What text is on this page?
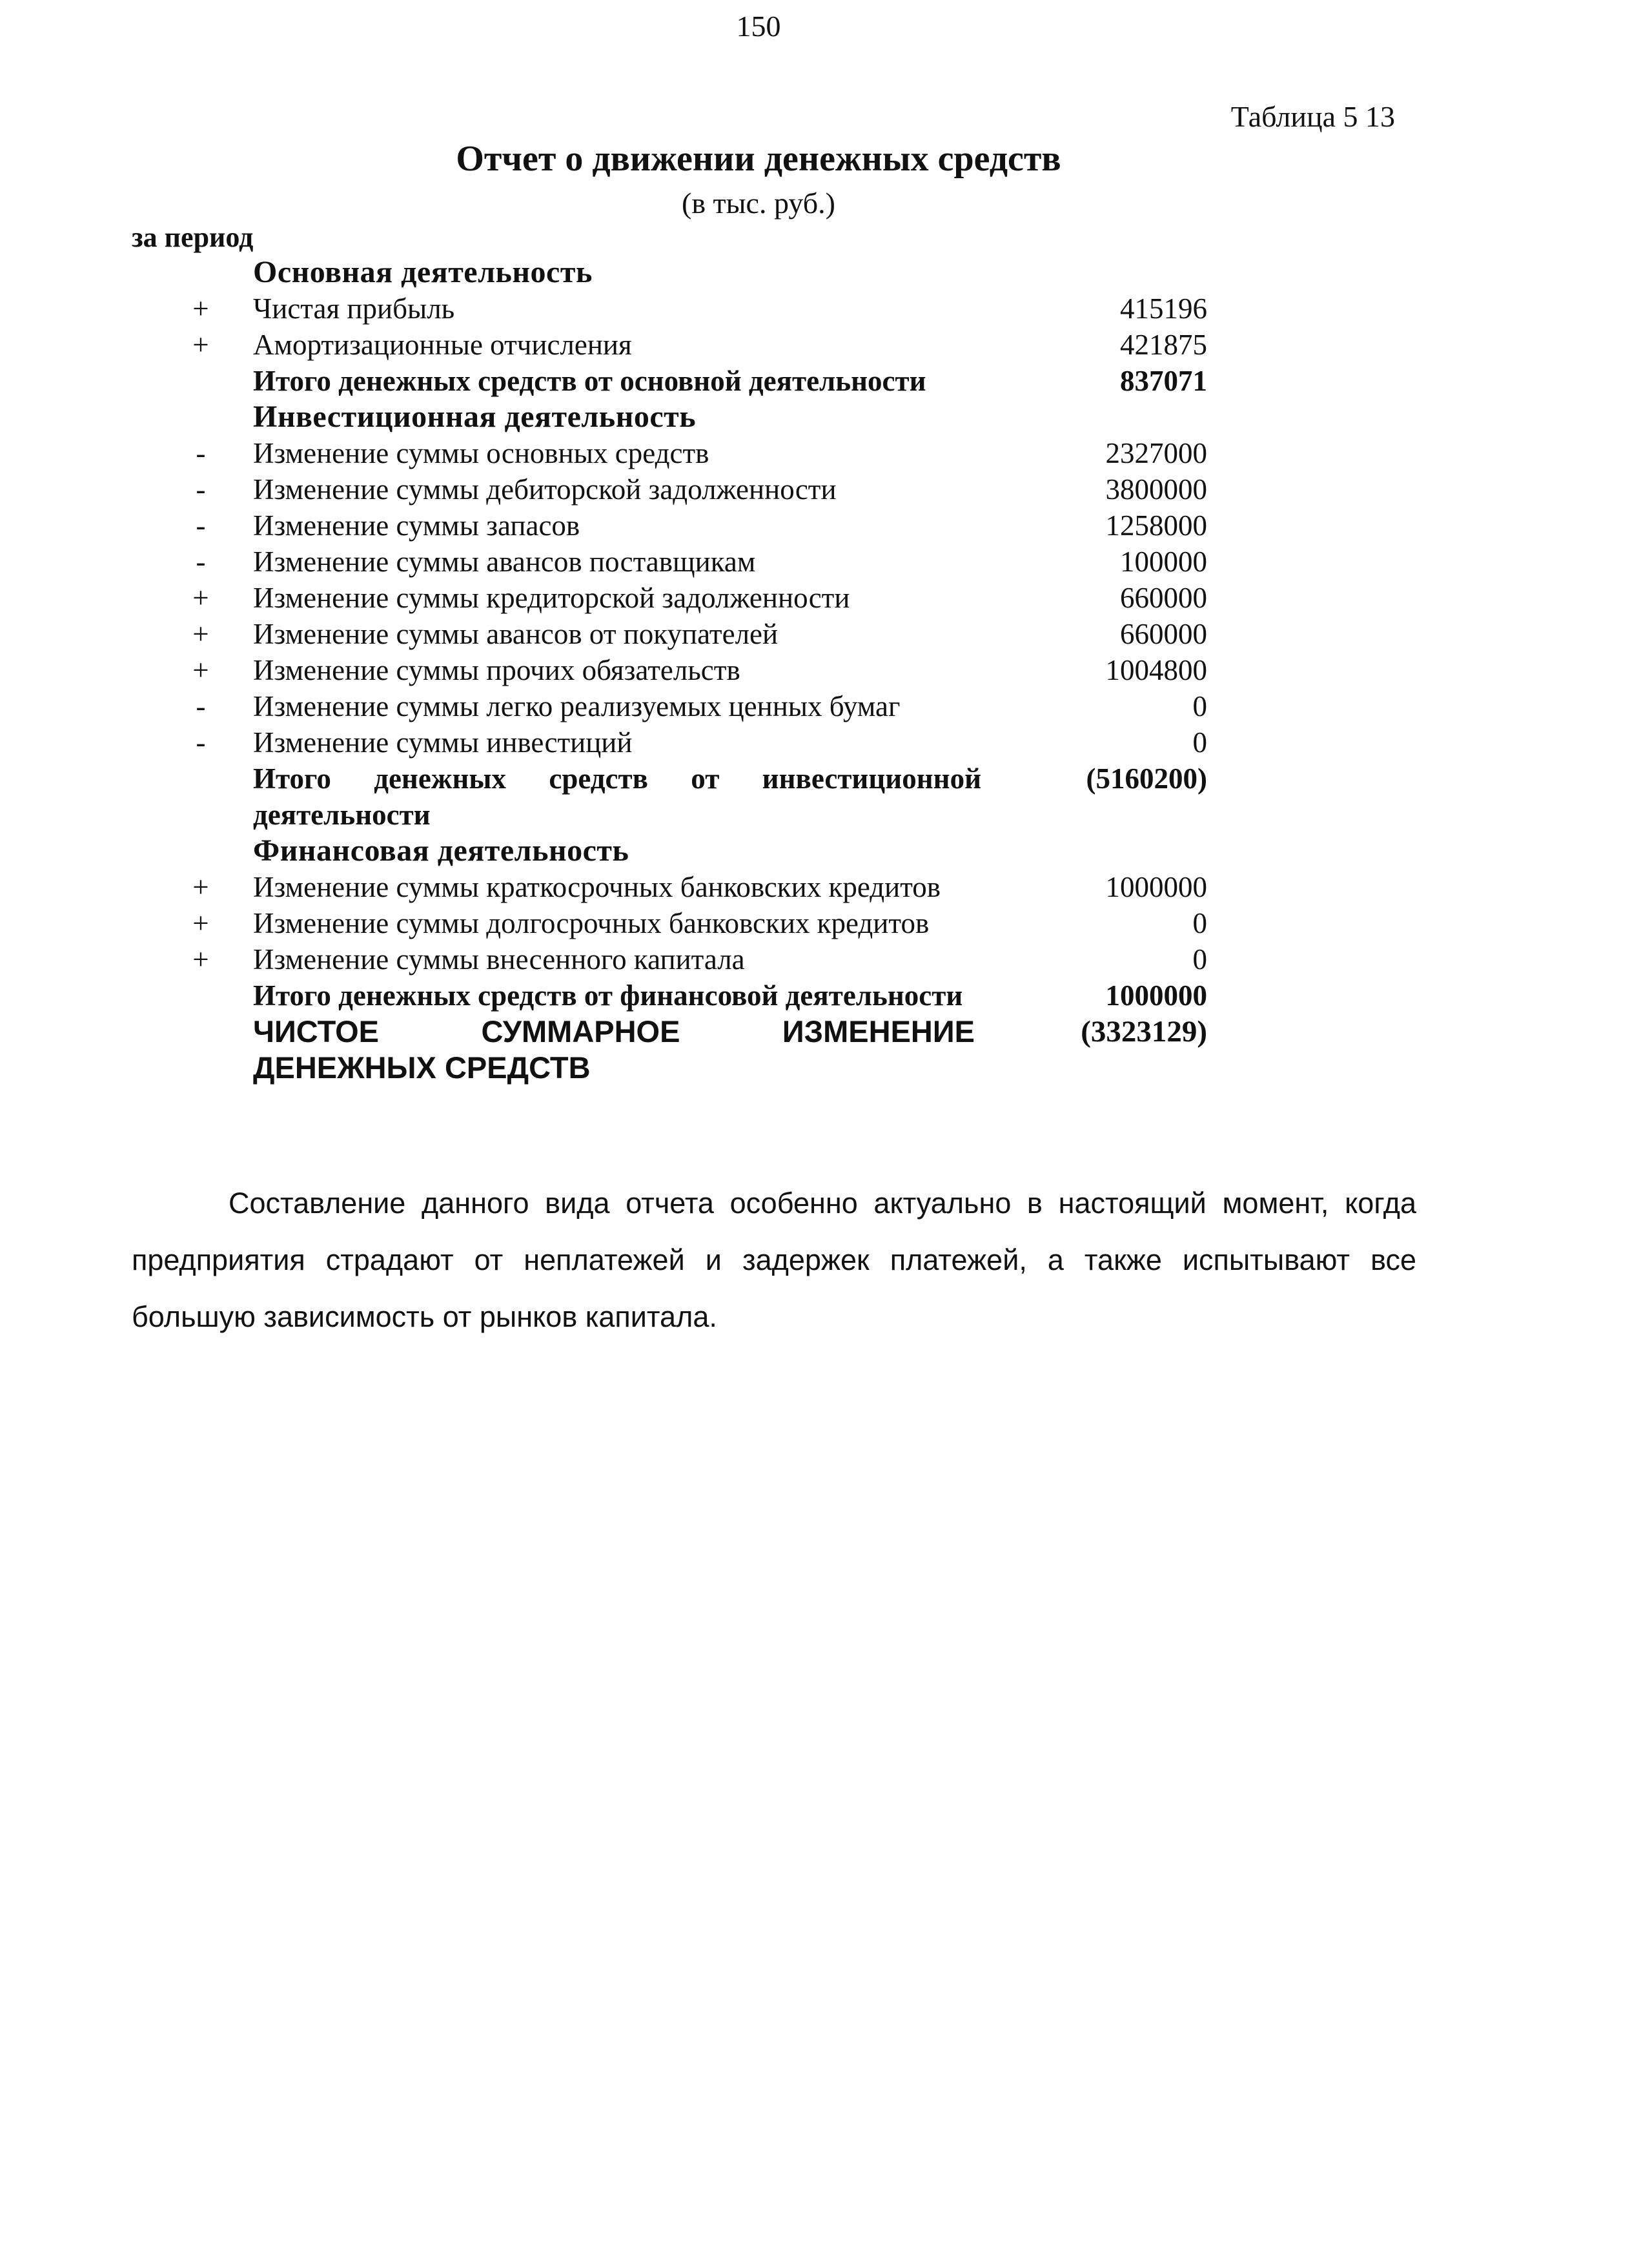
150
Таблица 5 13
Отчет о движении денежных средств
(в тыс. руб.)
за период
	Основная деятельность	
+	Чистая прибыль	415196
+	Амортизационные отчисления	421875
	Итого денежных средств от основной деятельности	837071
	Инвестиционная деятельность	
-	Изменение суммы основных средств	2327000
-	Изменение суммы дебиторской задолженности	3800000
-	Изменение суммы запасов	1258000
-	Изменение суммы авансов поставщикам	100000
+	Изменение суммы кредиторской задолженности	660000
+	Изменение суммы авансов от покупателей	660000
+	Изменение суммы прочих обязательств	1004800
-	Изменение суммы легко реализуемых ценных бумаг	0
-	Изменение суммы инвестиций	0
	Итого денежных средств от инвестиционной деятельности	(5160200)
	Финансовая деятельность	
+	Изменение суммы краткосрочных банковских кредитов	1000000
+	Изменение суммы долгосрочных банковских кредитов	0
+	Изменение суммы внесенного капитала	0
	Итого денежных средств от финансовой деятельности	1000000
	ЧИСТОЕ СУММАРНОЕ ИЗМЕНЕНИЕ ДЕНЕЖНЫХ СРЕДСТВ	(3323129)
Составление данного вида отчета особенно актуально в настоящий момент, когда предприятия страдают от неплатежей и задержек платежей, а также испытывают все большую зависимость от рынков капитала.
